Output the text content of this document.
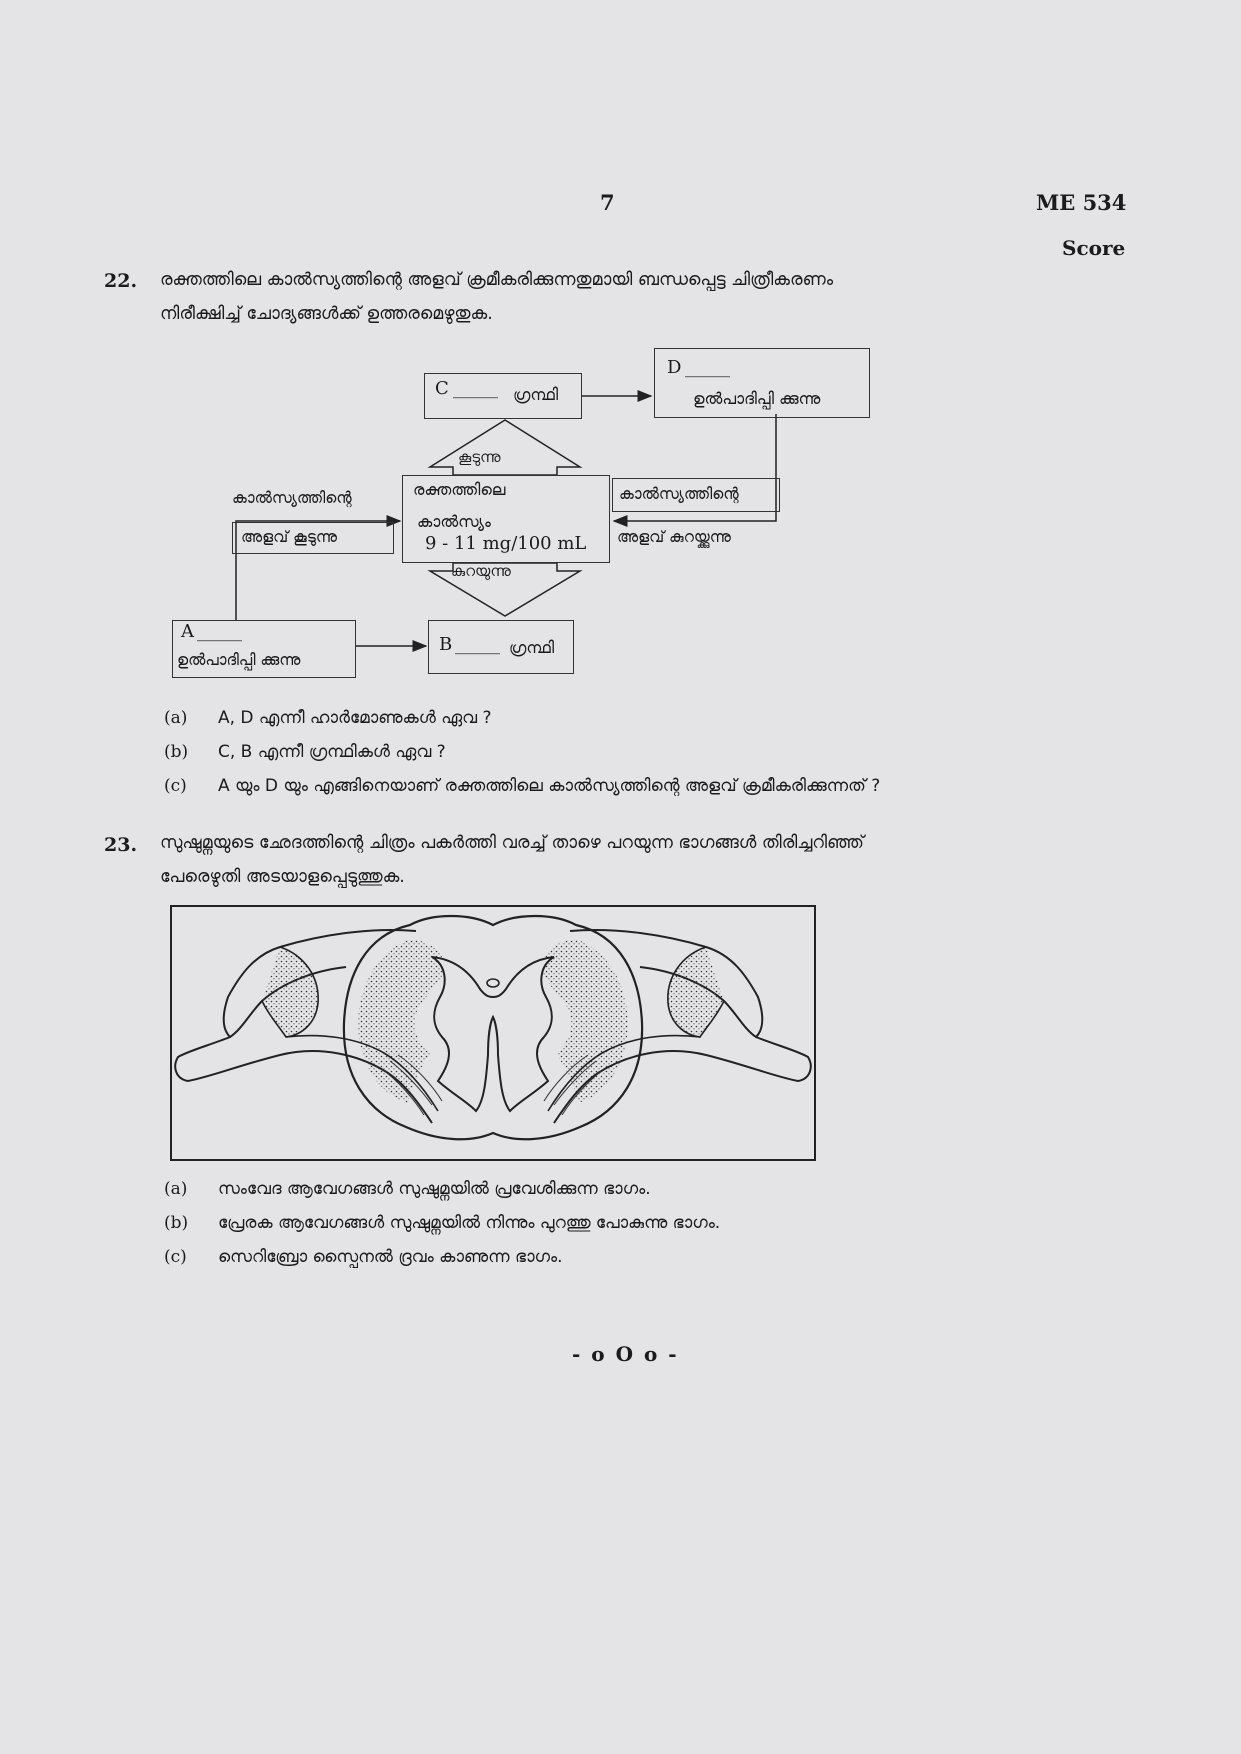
7	ME 534
Score
22. രക്തത്തിലെ കാൽസ്യത്തിന്റെ അളവ് ക്രമീകരിക്കുന്നതുമായി ബന്ധപ്പെട്ട ചിത്രീകരണം
നിരീക്ഷിച്ച് ചോദ്യങ്ങൾക്ക് ഉത്തരമെഴുതുക.
കൂടുന്നു
കുറയുന്നു
C _____ ഗ്രന്ഥി
D _____
ഉൽപാദിപ്പി ക്കുന്നു
രക്തത്തിലെ
കാൽസ്യം
9 - 11 mg/100 mL
കാൽസ്യത്തിന്റെ
അളവ് കൂടുന്നു
കാൽസ്യത്തിന്റെ
അളവ് കുറയ്ക്കുന്നു
A _____
ഉൽപാദിപ്പി ക്കുന്നു
B _____ ഗ്രന്ഥി
(a) A, D എന്നീ ഹാർമോണുകൾ ഏവ ?
(b) C, B എന്നീ ഗ്രന്ഥികൾ ഏവ ?
(c) A യും D യും എങ്ങിനെയാണ് രക്തത്തിലെ കാൽസ്യത്തിന്റെ അളവ് ക്രമീകരിക്കുന്നത് ?
23. സുഷുമ്നയുടെ ഛേദത്തിന്റെ ചിത്രം പകർത്തി വരച്ച് താഴെ പറയുന്ന ഭാഗങ്ങൾ തിരിച്ചറിഞ്ഞ്
പേരെഴുതി അടയാളപ്പെടുത്തുക.
(a) സംവേദ ആവേഗങ്ങൾ സുഷുമ്നയിൽ പ്രവേശിക്കുന്ന ഭാഗം.
(b) പ്രേരക ആവേഗങ്ങൾ സുഷുമ്നയിൽ നിന്നും പുറത്തു പോകുന്നു ഭാഗം.
(c) സെറിബ്രോ സ്പൈനൽ ദ്രവം കാണുന്ന ഭാഗം.
- o O o -
